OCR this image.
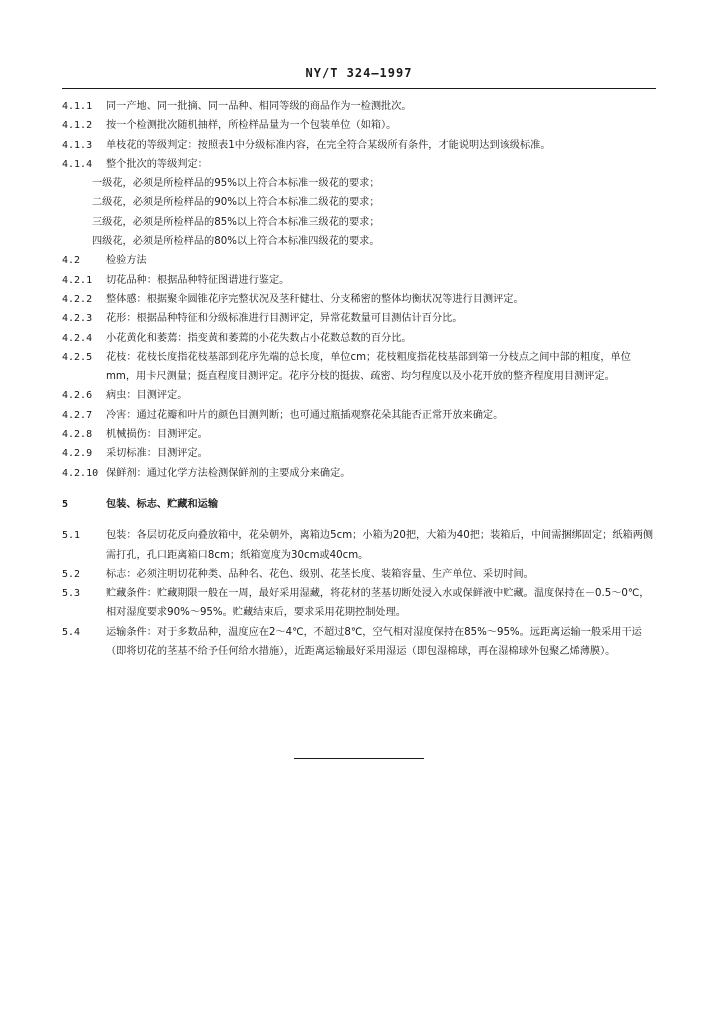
NY/T 324—1997
4.1.1 同一产地、同一批摘、同一品种、相同等级的商品作为一检测批次。
4.1.2 按一个检测批次随机抽样，所检样品量为一个包装单位（如箱）。
4.1.3 单枝花的等级判定：按照表1中分级标准内容，在完全符合某级所有条件，才能说明达到该级标准。
4.1.4 整个批次的等级判定：
一级花，必须是所检样品的95%以上符合本标准一级花的要求；
二级花，必须是所检样品的90%以上符合本标准二级花的要求；
三级花，必须是所检样品的85%以上符合本标准三级花的要求；
四级花，必须是所检样品的80%以上符合本标准四级花的要求。
4.2	检验方法
4.2.1 切花品种：根据品种特征图谱进行鉴定。
4.2.2 整体感：根据聚伞圆锥花序完整状况及茎秆健壮、分支稀密的整体均衡状况等进行目测评定。
4.2.3 花形：根据品种特征和分级标准进行目测评定，异常花数量可目测估计百分比。
4.2.4 小花黄化和萎蔫：指变黄和萎蔫的小花失数占小花数总数的百分比。
4.2.5 花枝：花枝长度指花枝基部到花序先端的总长度，单位cm；花枝粗度指花枝基部到第一分枝点之间中部的粗度，单位mm，用卡尺测量；挺直程度目测评定。花序分枝的挺拔、疏密、均匀程度以及小花开放的整齐程度用目测评定。
4.2.6 病虫：目测评定。
4.2.7 冷害：通过花瓣和叶片的颜色目测判断；也可通过瓶插观察花朵其能否正常开放来确定。
4.2.8 机械损伤：目测评定。
4.2.9 采切标准：目测评定。
4.2.10 保鲜剂：通过化学方法检测保鲜剂的主要成分来确定。
5	包装、标志、贮藏和运输
5.1	包装：各层切花反向叠放箱中，花朵朝外，离箱边5cm；小箱为20把，大箱为40把；装箱后，中间需捆绑固定；纸箱两侧需打孔，孔口距离箱口8cm；纸箱宽度为30cm或40cm。
5.2	标志：必须注明切花种类、品种名、花色、级别、花茎长度、装箱容量、生产单位、采切时间。
5.3	贮藏条件：贮藏期限一般在一周，最好采用湿藏，将花材的茎基切断处浸入水或保鲜液中贮藏。温度保持在－0.5～0℃，相对湿度要求90%～95%。贮藏结束后，要求采用花期控制处理。
5.4	运输条件：对于多数品种，温度应在2～4℃，不超过8℃，空气相对湿度保持在85%～95%。远距离运输一般采用干运（即将切花的茎基不给予任何给水措施），近距离运输最好采用湿运（即包湿棉球，再在湿棉球外包聚乙烯薄膜）。
